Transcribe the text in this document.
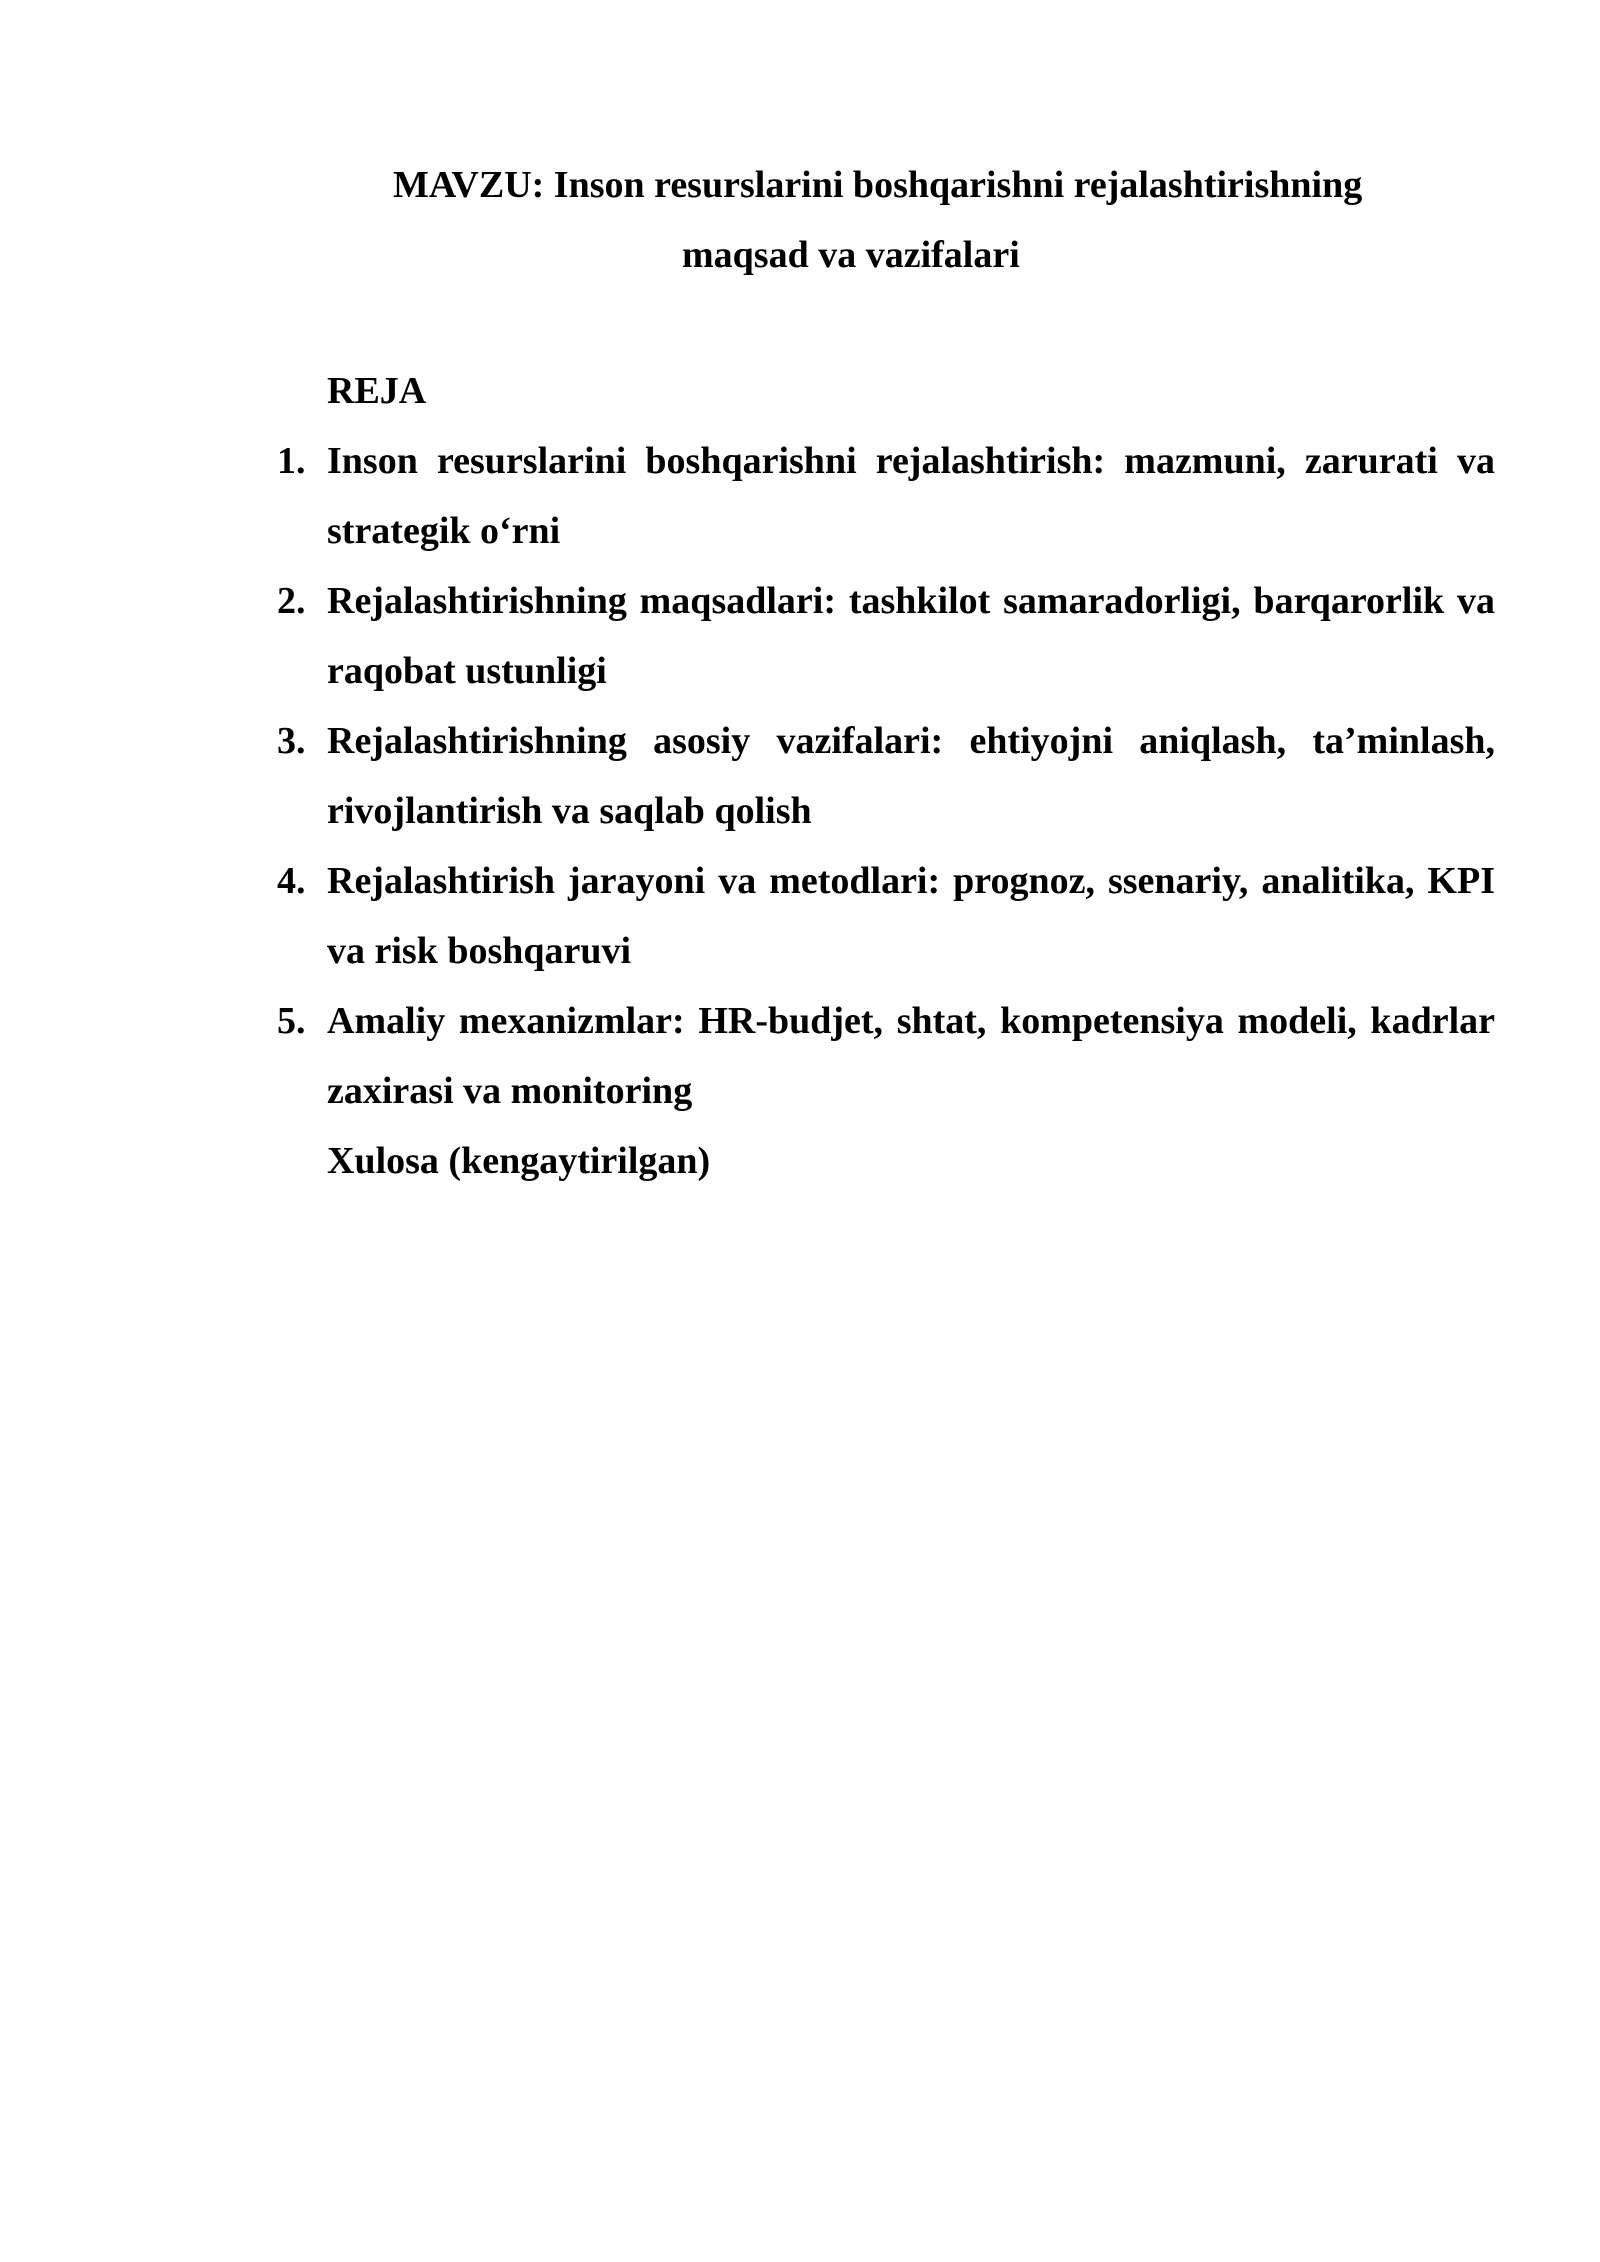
MAVZU: Inson resurslarini boshqarishni rejalashtirishning
maqsad va vazifalari
REJA
1. Inson resurslarini boshqarishni rejalashtirish: mazmuni, zarurati va strategik o‘rni
2. Rejalashtirishning maqsadlari: tashkilot samaradorligi, barqarorlik va raqobat ustunligi
3. Rejalashtirishning asosiy vazifalari: ehtiyojni aniqlash, ta’minlash, rivojlantirish va saqlab qolish
4. Rejalashtirish jarayoni va metodlari: prognoz, ssenariy, analitika, KPI va risk boshqaruvi
5. Amaliy mexanizmlar: HR-budjet, shtat, kompetensiya modeli, kadrlar zaxirasi va monitoring
Xulosa (kengaytirilgan)
